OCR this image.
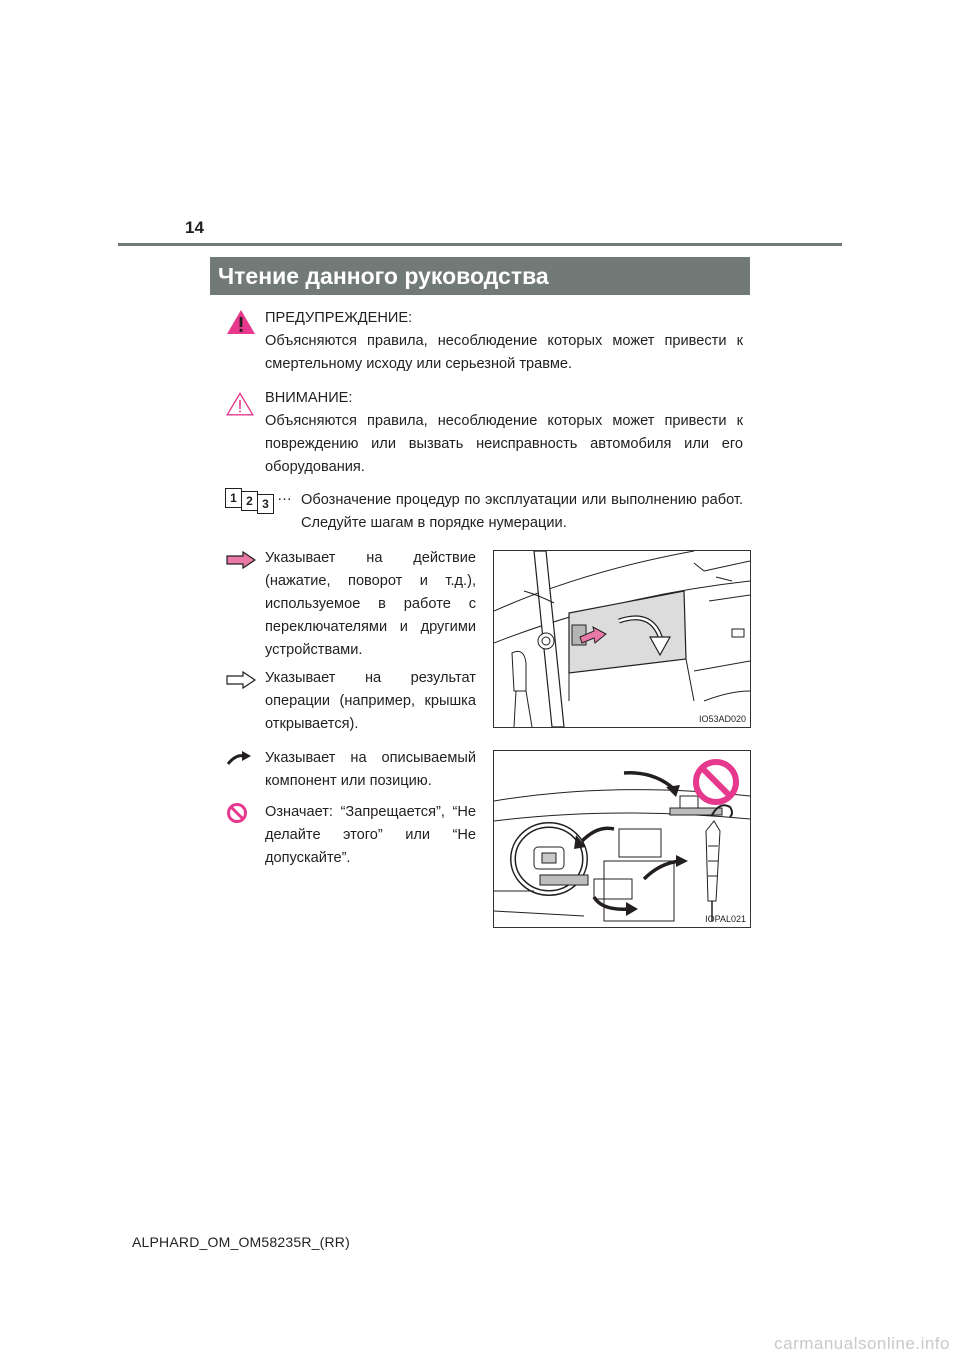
14
Чтение данного руководства

ПРЕДУПРЕЖДЕНИЕ:

Объясняются правила, несоблюдение которых может привести к смертельному исходу или серьезной травме.

ВНИМАНИЕ:

Объясняются правила, несоблюдение которых может привести к повреждению или вызвать неисправность автомобиля или его оборудования.

1 2 3 … Обозначение процедур по эксплуатации или выполнению работ. Следуйте шагам в порядке нумерации.
Указывает на действие (нажатие, поворот и т.д.), используемое в работе с переключателями и другими устройствами.
Указывает на результат операции (например, крышка открывается).
Указывает на описываемый компонент или позицию.
Означает: “Запрещается”, “Не делайте этого” или “Не допускайте”.
IO53AD020
IOPAL021
ALPHARD_OM_OM58235R_(RR)
carmanualsonline.info
